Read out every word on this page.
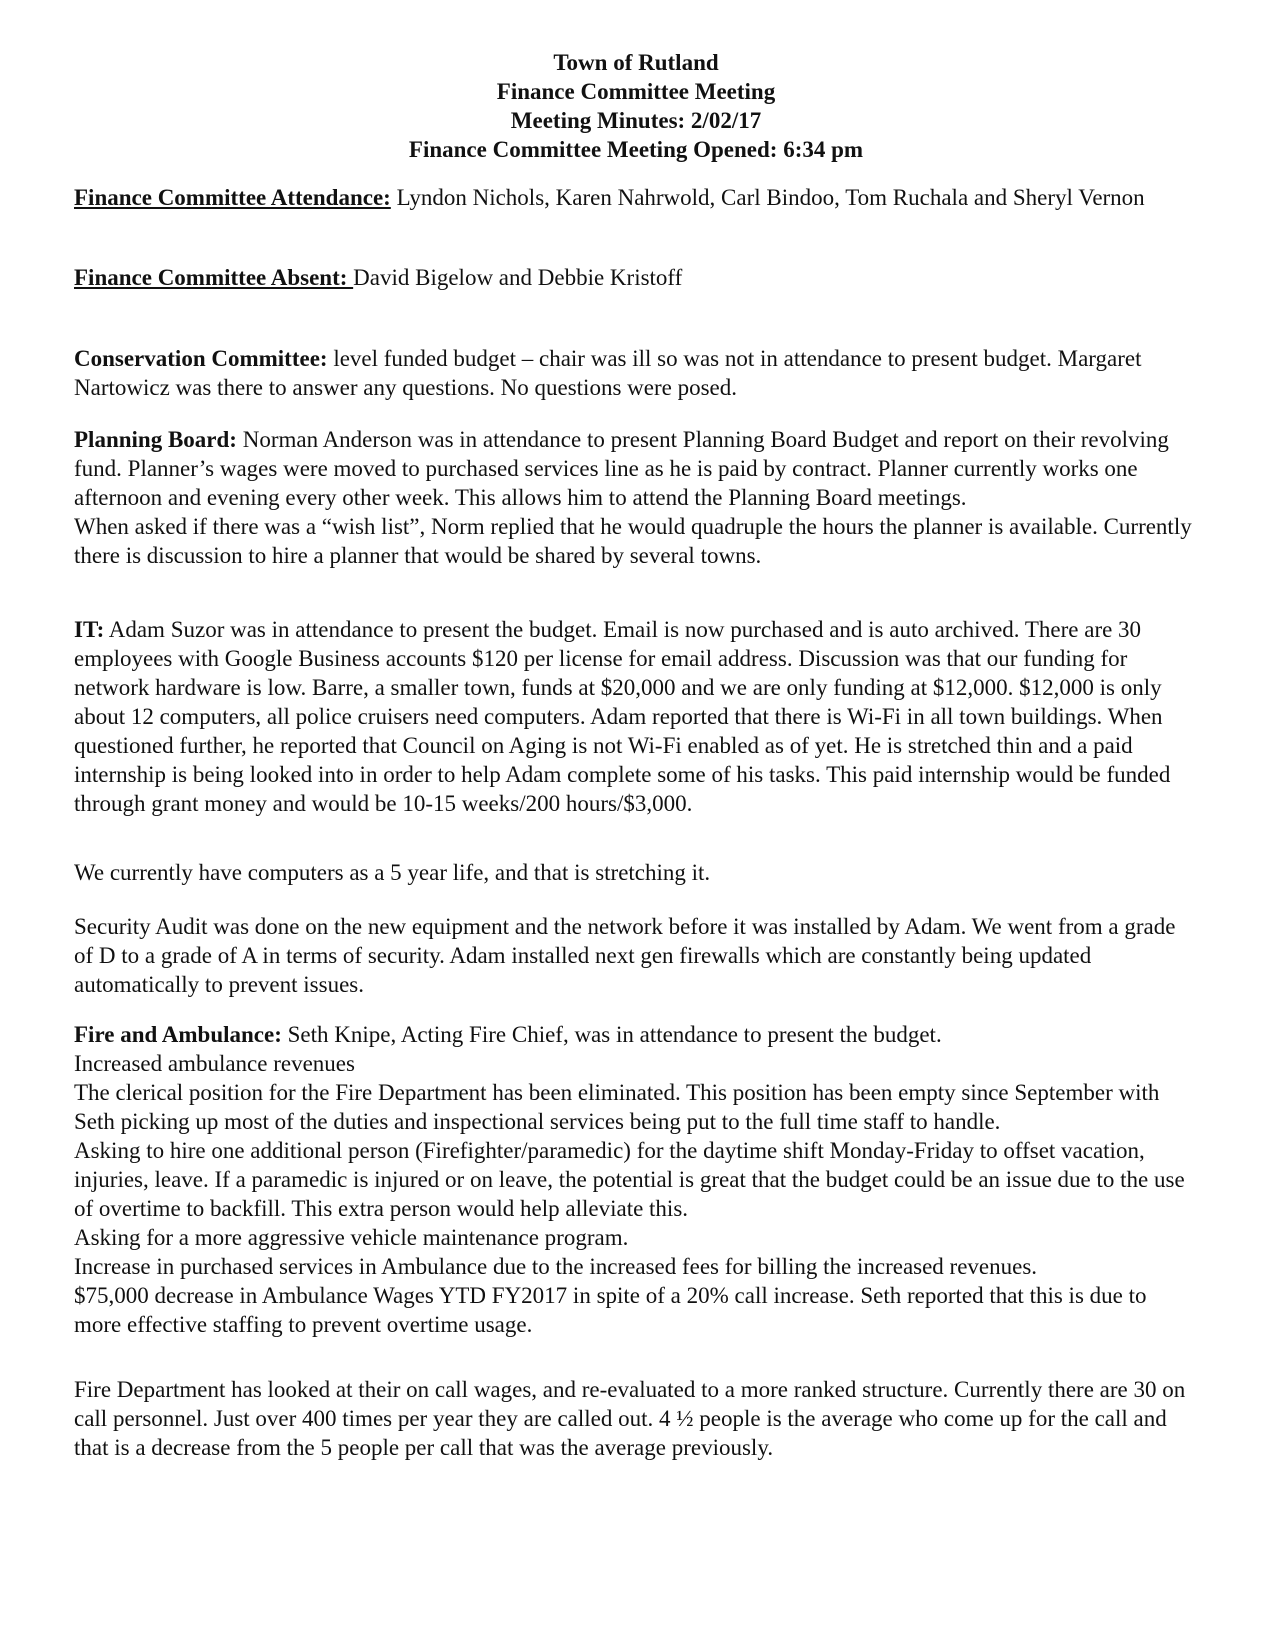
Town of Rutland
Finance Committee Meeting
Meeting Minutes: 2/02/17
Finance Committee Meeting Opened: 6:34 pm

Finance Committee Attendance: Lyndon Nichols, Karen Nahrwold, Carl Bindoo, Tom Ruchala and Sheryl Vernon

Finance Committee Absent: David Bigelow and Debbie Kristoff

Conservation Committee: level funded budget – chair was ill so was not in attendance to present budget. Margaret Nartowicz was there to answer any questions. No questions were posed.

Planning Board: Norman Anderson was in attendance to present Planning Board Budget and report on their revolving fund. Planner’s wages were moved to purchased services line as he is paid by contract. Planner currently works one afternoon and evening every other week. This allows him to attend the Planning Board meetings.

When asked if there was a “wish list”, Norm replied that he would quadruple the hours the planner is available. Currently there is discussion to hire a planner that would be shared by several towns.

IT: Adam Suzor was in attendance to present the budget. Email is now purchased and is auto archived. There are 30 employees with Google Business accounts $120 per license for email address. Discussion was that our funding for network hardware is low. Barre, a smaller town, funds at $20,000 and we are only funding at $12,000. $12,000 is only about 12 computers, all police cruisers need computers. Adam reported that there is Wi-Fi in all town buildings. When questioned further, he reported that Council on Aging is not Wi-Fi enabled as of yet. He is stretched thin and a paid internship is being looked into in order to help Adam complete some of his tasks. This paid internship would be funded through grant money and would be 10-15 weeks/200 hours/$3,000.

We currently have computers as a 5 year life, and that is stretching it.

Security Audit was done on the new equipment and the network before it was installed by Adam. We went from a grade of D to a grade of A in terms of security. Adam installed next gen firewalls which are constantly being updated automatically to prevent issues.

Fire and Ambulance: Seth Knipe, Acting Fire Chief, was in attendance to present the budget.

Increased ambulance revenues

The clerical position for the Fire Department has been eliminated. This position has been empty since September with Seth picking up most of the duties and inspectional services being put to the full time staff to handle.

Asking to hire one additional person (Firefighter/paramedic) for the daytime shift Monday-Friday to offset vacation, injuries, leave. If a paramedic is injured or on leave, the potential is great that the budget could be an issue due to the use of overtime to backfill. This extra person would help alleviate this.

Asking for a more aggressive vehicle maintenance program.

Increase in purchased services in Ambulance due to the increased fees for billing the increased revenues.

$75,000 decrease in Ambulance Wages YTD FY2017 in spite of a 20% call increase. Seth reported that this is due to more effective staffing to prevent overtime usage.

Fire Department has looked at their on call wages, and re-evaluated to a more ranked structure. Currently there are 30 on call personnel. Just over 400 times per year they are called out. 4 ½ people is the average who come up for the call and that is a decrease from the 5 people per call that was the average previously.
